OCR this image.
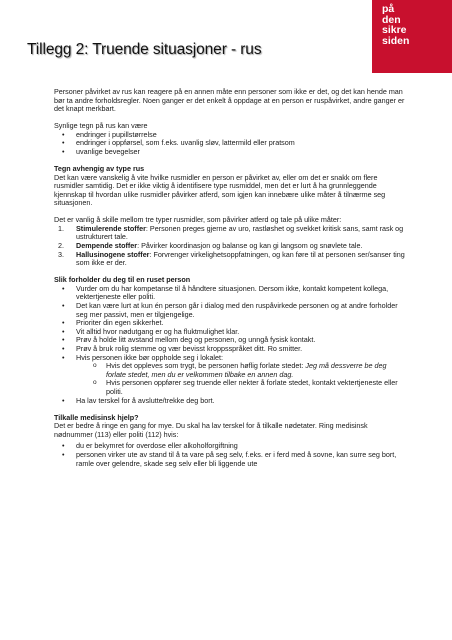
på
den
sikre
siden
Tillegg 2: Truende situasjoner - rus

Personer påvirket av rus kan reagere på en annen måte enn personer som ikke er det, og det kan hende man bør ta andre forholdsregler. Noen ganger er det enkelt å oppdage at en person er ruspåvirket, andre ganger er det knapt merkbart.

Synlige tegn på rus kan være

• endringer i pupillstørrelse
• endringer i oppførsel, som f.eks. uvanlig sløv, lattermild eller pratsom
• uvanlige bevegelser

Tegn avhengig av type rus

Det kan være vanskelig å vite hvilke rusmidler en person er påvirket av, eller om det er snakk om flere rusmidler samtidig. Det er ikke viktig å identifisere type rusmiddel, men det er lurt å ha grunnleggende kjennskap til hvordan ulike rusmidler påvirker atferd, som igjen kan innebære ulike måter å tilnærme seg situasjonen.

Det er vanlig å skille mellom tre typer rusmidler, som påvirker atferd og tale på ulike måter:

1. Stimulerende stoffer: Personen preges gjerne av uro, rastløshet og svekket kritisk sans, samt rask og ustrukturert tale.
2. Dempende stoffer: Påvirker koordinasjon og balanse og kan gi langsom og snøvlete tale.
3. Hallusinogene stoffer: Forvrenger virkelighetsoppfatningen, og kan føre til at personen ser/sanser ting som ikke er der.

Slik forholder du deg til en ruset person

• Vurder om du har kompetanse til å håndtere situasjonen. Dersom ikke, kontakt kompetent kollega, vektertjeneste eller politi.
• Det kan være lurt at kun én person går i dialog med den ruspåvirkede personen og at andre forholder seg mer passivt, men er tilgjengelige.
• Prioriter din egen sikkerhet.
• Vit alltid hvor nødutgang er og ha fluktmulighet klar.
• Prøv å holde litt avstand mellom deg og personen, og unngå fysisk kontakt.
• Prøv å bruk rolig stemme og vær bevisst kroppsspråket ditt. Ro smitter.
• Hvis personen ikke bør oppholde seg i lokalet:
o Hvis det oppleves som trygt, be personen høflig forlate stedet: Jeg må dessverre be deg forlate stedet, men du er velkommen tilbake en annen dag.
o Hvis personen oppfører seg truende eller nekter å forlate stedet, kontakt vektertjeneste eller politi.
• Ha lav terskel for å avslutte/trekke deg bort.

Tilkalle medisinsk hjelp?

Det er bedre å ringe en gang for mye. Du skal ha lav terskel for å tilkalle nødetater. Ring medisinsk nødnummer (113) eller politi (112) hvis:

• du er bekymret for overdose eller alkoholforgiftning
• personen virker ute av stand til å ta vare på seg selv, f.eks. er i ferd med å sovne, kan surre seg bort, ramle over gelendre, skade seg selv eller bli liggende ute
